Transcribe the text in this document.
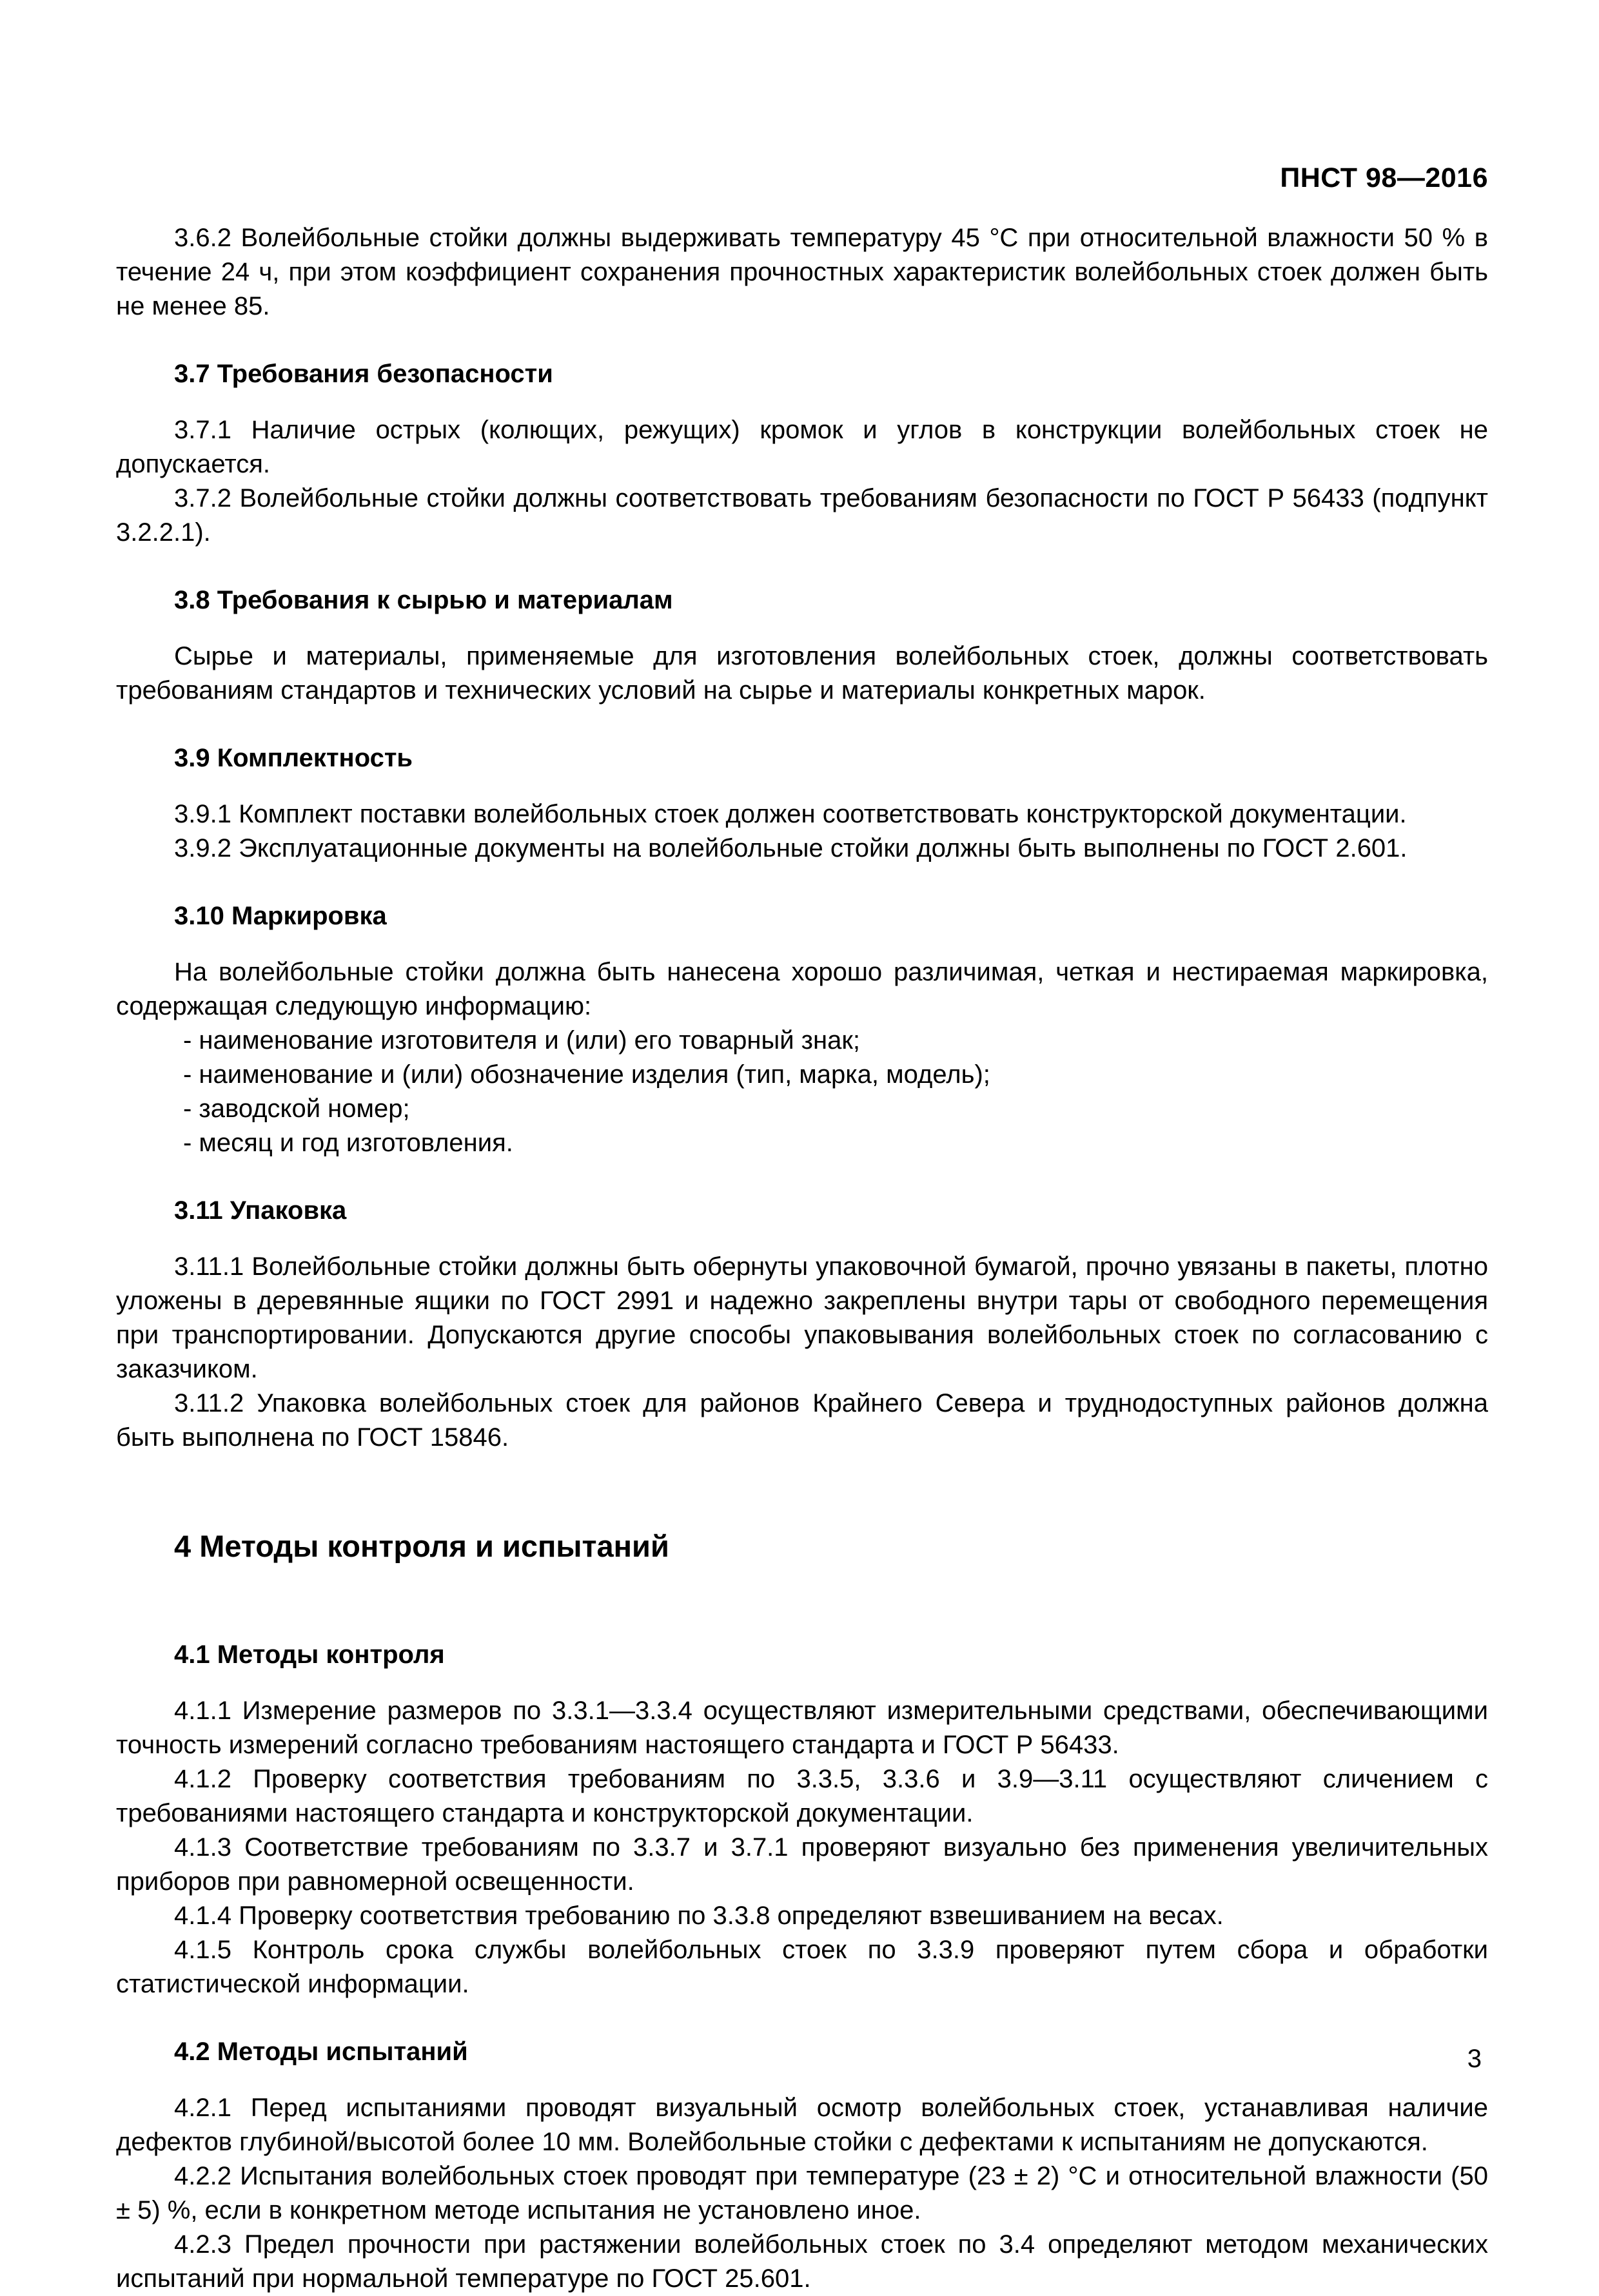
ПНСТ 98—2016

3.6.2 Волейбольные стойки должны выдерживать температуру 45 °С при относительной влажности 50 % в течение 24 ч, при этом коэффициент сохранения прочностных характеристик волейбольных стоек должен быть не менее 85.

3.7 Требования безопасности

3.7.1 Наличие острых (колющих, режущих) кромок и углов в конструкции волейбольных стоек не допускается.

3.7.2 Волейбольные стойки должны соответствовать требованиям безопасности по ГОСТ Р 56433 (подпункт 3.2.2.1).

3.8 Требования к сырью и материалам

Сырье и материалы, применяемые для изготовления волейбольных стоек, должны соответствовать требованиям стандартов и технических условий на сырье и материалы конкретных марок.

3.9 Комплектность

3.9.1 Комплект поставки волейбольных стоек должен соответствовать конструкторской документации.

3.9.2 Эксплуатационные документы на волейбольные стойки должны быть выполнены по ГОСТ 2.601.

3.10 Маркировка

На волейбольные стойки должна быть нанесена хорошо различимая, четкая и нестираемая маркировка, содержащая следующую информацию:

- наименование изготовителя и (или) его товарный знак;
- наименование и (или) обозначение изделия (тип, марка, модель);
- заводской номер;
- месяц и год изготовления.

3.11 Упаковка

3.11.1 Волейбольные стойки должны быть обернуты упаковочной бумагой, прочно увязаны в пакеты, плотно уложены в деревянные ящики по ГОСТ 2991 и надежно закреплены внутри тары от свободного перемещения при транспортировании. Допускаются другие способы упаковывания волейбольных стоек по согласованию с заказчиком.

3.11.2 Упаковка волейбольных стоек для районов Крайнего Севера и труднодоступных районов должна быть выполнена по ГОСТ 15846.

4 Методы контроля и испытаний

4.1 Методы контроля

4.1.1 Измерение размеров по 3.3.1—3.3.4 осуществляют измерительными средствами, обеспечивающими точность измерений согласно требованиям настоящего стандарта и ГОСТ Р 56433.

4.1.2 Проверку соответствия требованиям по 3.3.5, 3.3.6 и 3.9—3.11 осуществляют сличением с требованиями настоящего стандарта и конструкторской документации.

4.1.3 Соответствие требованиям по 3.3.7 и 3.7.1 проверяют визуально без применения увеличительных приборов при равномерной освещенности.

4.1.4 Проверку соответствия требованию по 3.3.8 определяют взвешиванием на весах.

4.1.5 Контроль срока службы волейбольных стоек по 3.3.9 проверяют путем сбора и обработки статистической информации.

4.2 Методы испытаний

4.2.1 Перед испытаниями проводят визуальный осмотр волейбольных стоек, устанавливая наличие дефектов глубиной/высотой более 10 мм. Волейбольные стойки с дефектами к испытаниям не допускаются.

4.2.2 Испытания волейбольных стоек проводят при температуре (23 ± 2) °С и относительной влажности (50 ± 5) %, если в конкретном методе испытания не установлено иное.

4.2.3 Предел прочности при растяжении волейбольных стоек по 3.4 определяют методом механических испытаний при нормальной температуре по ГОСТ 25.601.

3
